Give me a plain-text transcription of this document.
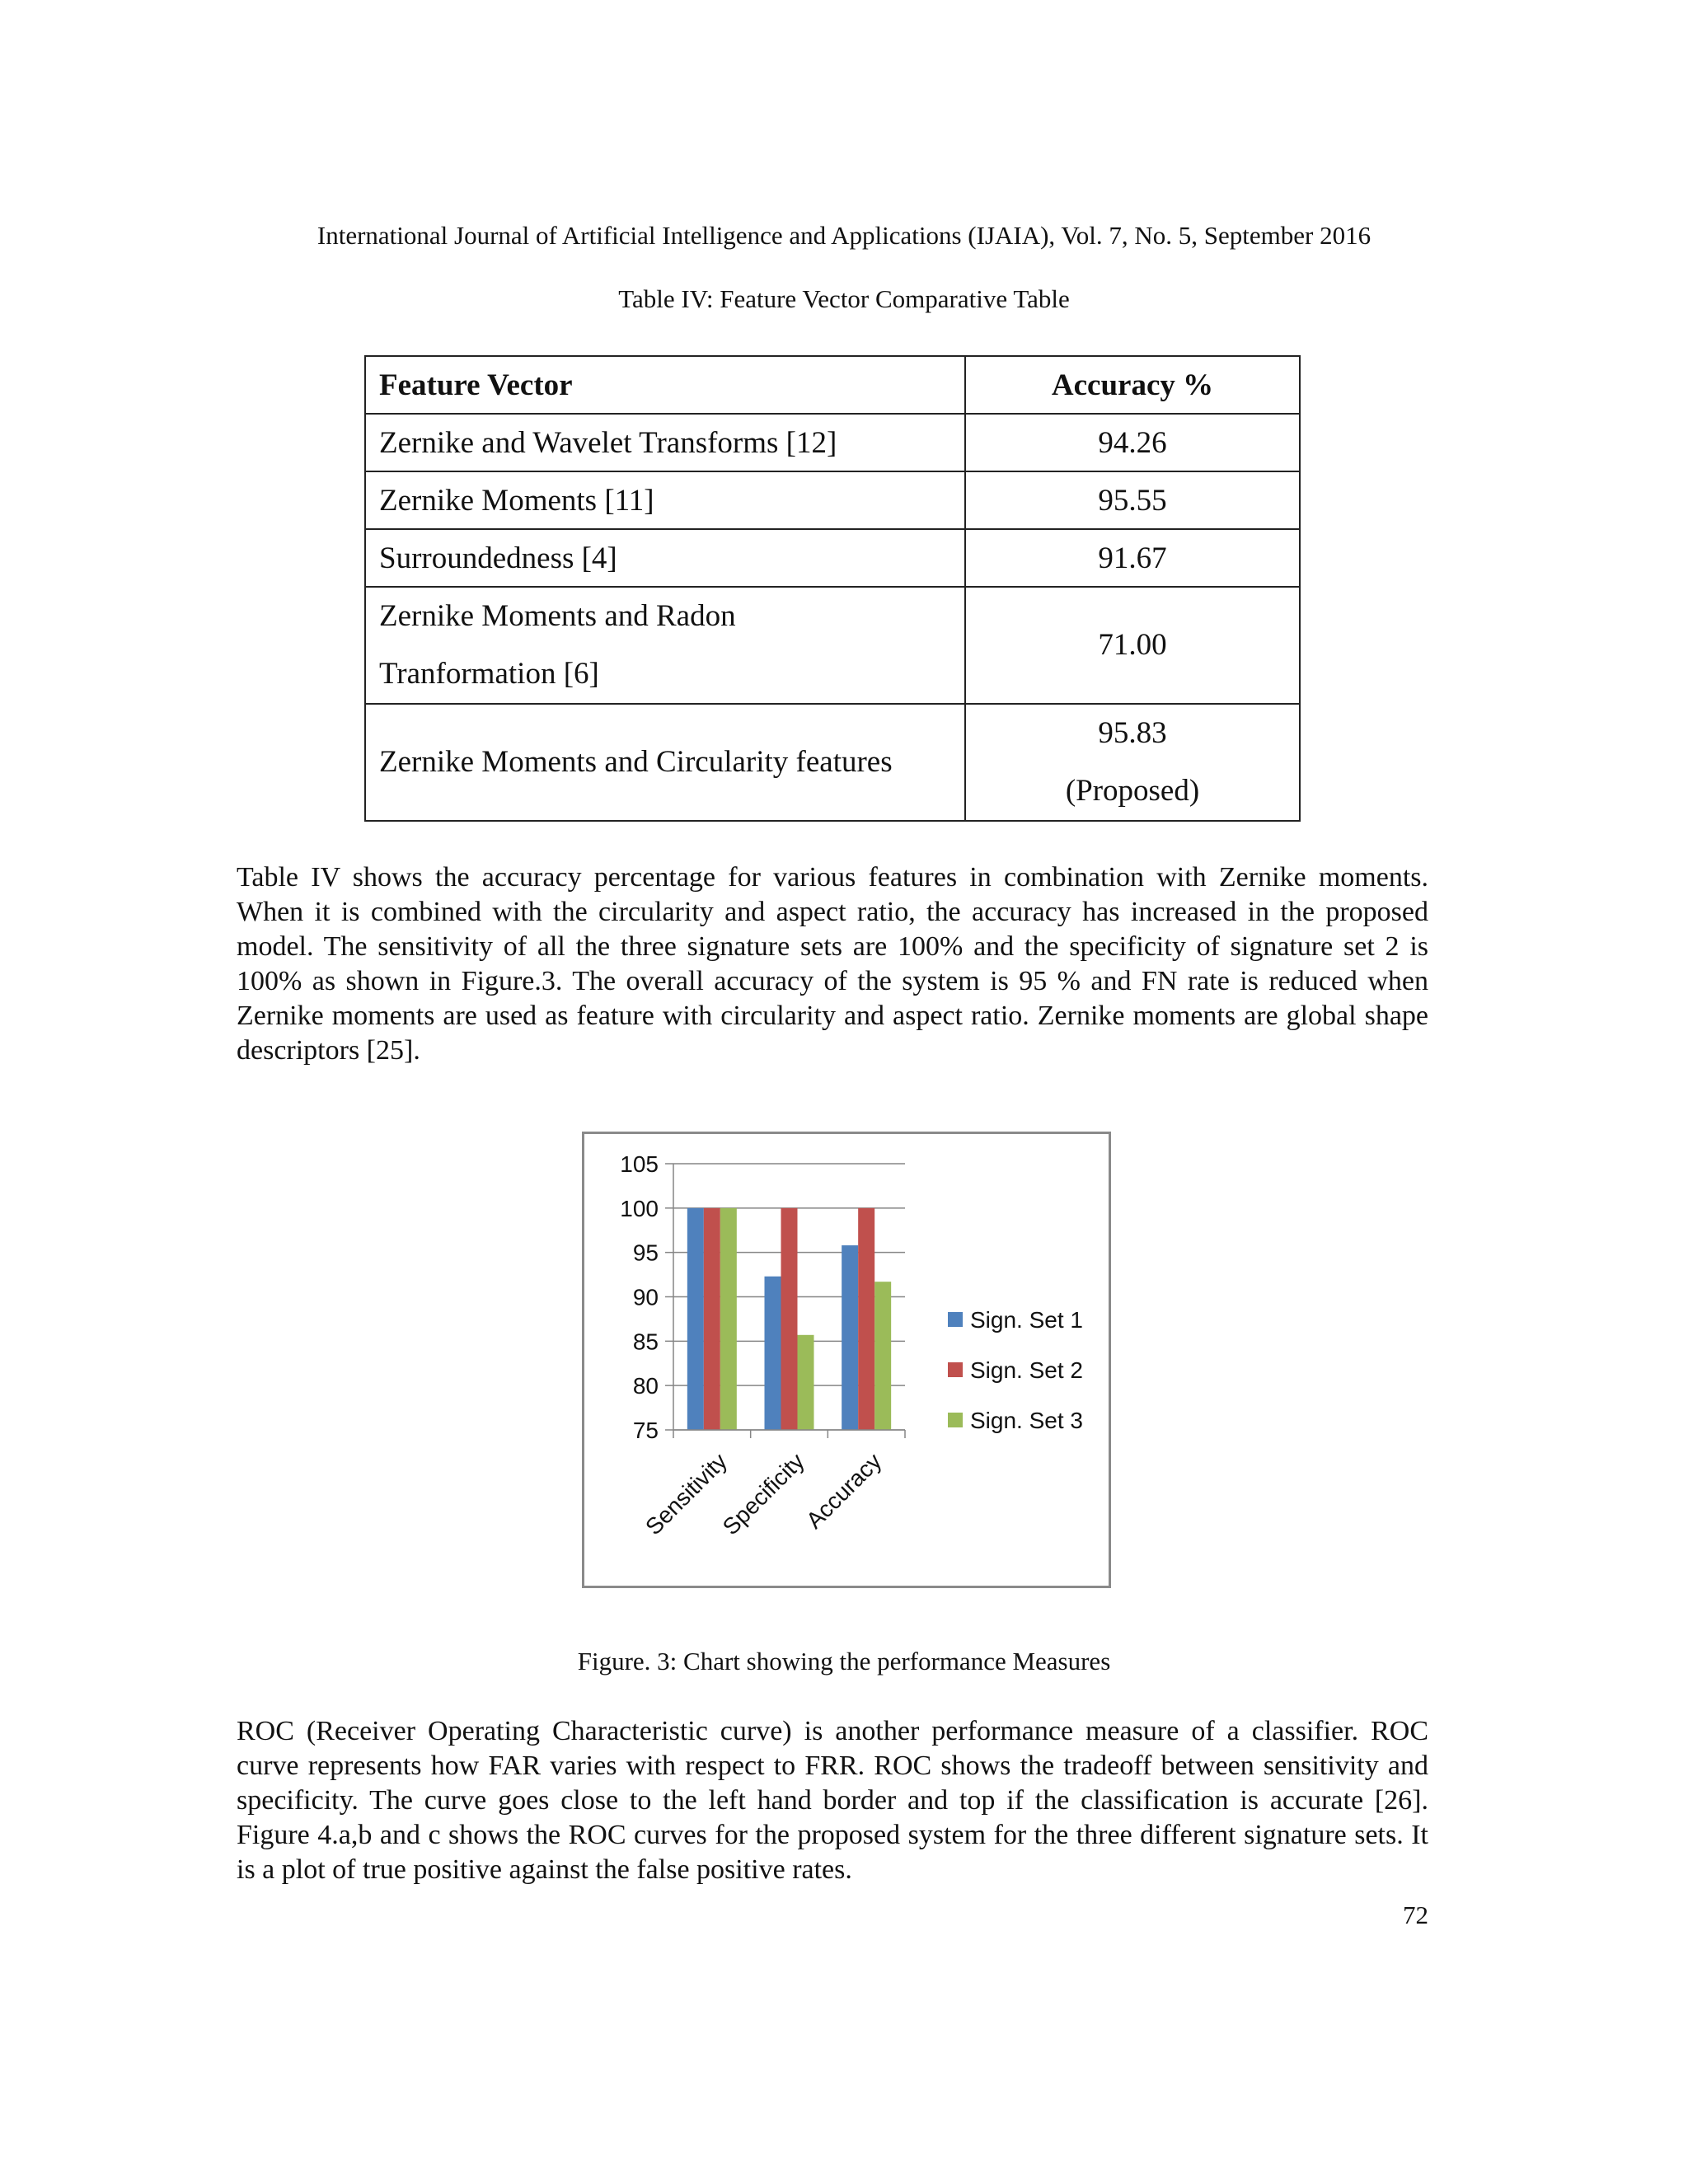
International Journal of Artificial Intelligence and Applications (IJAIA), Vol. 7, No. 5, September 2016
Table IV: Feature Vector Comparative Table
Feature Vector	Accuracy %
Zernike and Wavelet Transforms [12]	94.26
Zernike Moments [11]	95.55
Surroundedness [4]	91.67

Zernike Moments and Radon
Tranformation [6]	71.00
Zernike Moments and Circularity features	95.83
(Proposed)
Table IV shows the accuracy percentage for various features in combination with Zernike moments. When it is combined with the circularity and aspect ratio, the accuracy has increased in the proposed model. The sensitivity of all the three signature sets are 100% and the specificity of signature set 2 is 100% as shown in Figure.3. The overall accuracy of the system is 95 % and FN rate is reduced when Zernike moments are used as feature with circularity and aspect ratio. Zernike moments are global shape descriptors [25].
75
80
85
90
95
100
105
Sensitivity
Specificity
Accuracy
Sign. Set 1
Sign. Set 2
Sign. Set 3
Figure. 3: Chart showing the performance Measures
ROC (Receiver Operating Characteristic curve) is another performance measure of a classifier. ROC curve represents how FAR varies with respect to FRR. ROC shows the tradeoff between sensitivity and specificity. The curve goes close to the left hand border and top if the classification is accurate [26]. Figure 4.a,b and c shows the ROC curves for the proposed system for the three different signature sets. It is a plot of true positive against the false positive rates.
72
